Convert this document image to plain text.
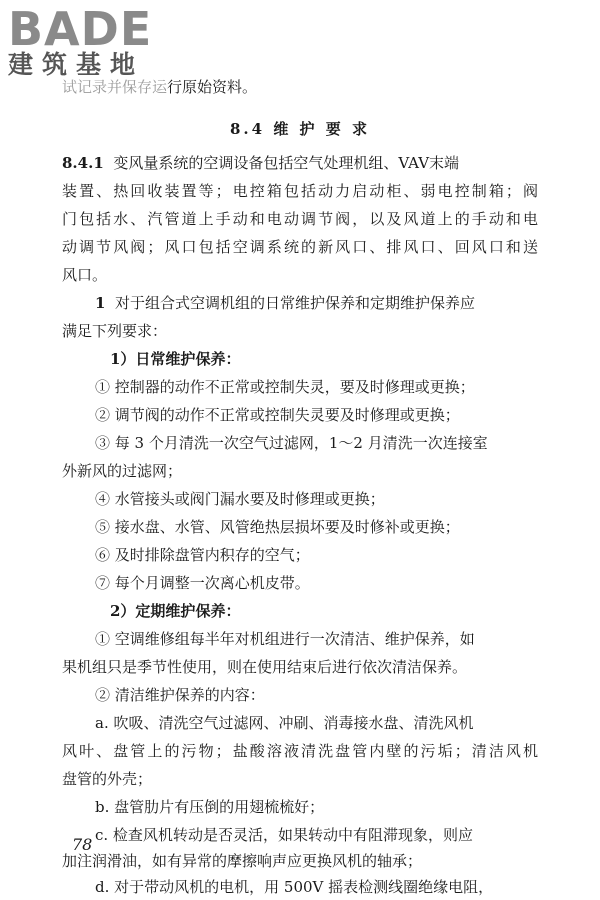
BADE
建筑基地
试记录并保存运行原始资料。
8.4 维 护 要 求
8.4.1 变风量系统的空调设备包括空气处理机组、VAV末端
装置、热回收装置等；电控箱包括动力启动柜、弱电控制箱；阀
门包括水、汽管道上手动和电动调节阀，以及风道上的手动和电
动调节风阀；风口包括空调系统的新风口、排风口、回风口和送
风口。
1 对于组合式空调机组的日常维护保养和定期维护保养应
满足下列要求：
1）日常维护保养：
① 控制器的动作不正常或控制失灵，要及时修理或更换；
② 调节阀的动作不正常或控制失灵要及时修理或更换；
③ 每 3 个月清洗一次空气过滤网，1～2 月清洗一次连接室
外新风的过滤网；
④ 水管接头或阀门漏水要及时修理或更换；
⑤ 接水盘、水管、风管绝热层损坏要及时修补或更换；
⑥ 及时排除盘管内积存的空气；
⑦ 每个月调整一次离心机皮带。
2）定期维护保养：
① 空调维修组每半年对机组进行一次清洁、维护保养，如
果机组只是季节性使用，则在使用结束后进行依次清洁保养。
② 清洁维护保养的内容：
a. 吹吸、清洗空气过滤网、冲刷、消毒接水盘、清洗风机
风叶、盘管上的污物；盐酸溶液清洗盘管内壁的污垢；清洁风机
盘管的外壳；
b. 盘管肋片有压倒的用翅梳梳好；
c. 检查风机转动是否灵活，如果转动中有阻滞现象，则应
加注润滑油，如有异常的摩擦响声应更换风机的轴承；
d. 对于带动风机的电机，用 500V 摇表检测线圈绝缘电阻，
78
